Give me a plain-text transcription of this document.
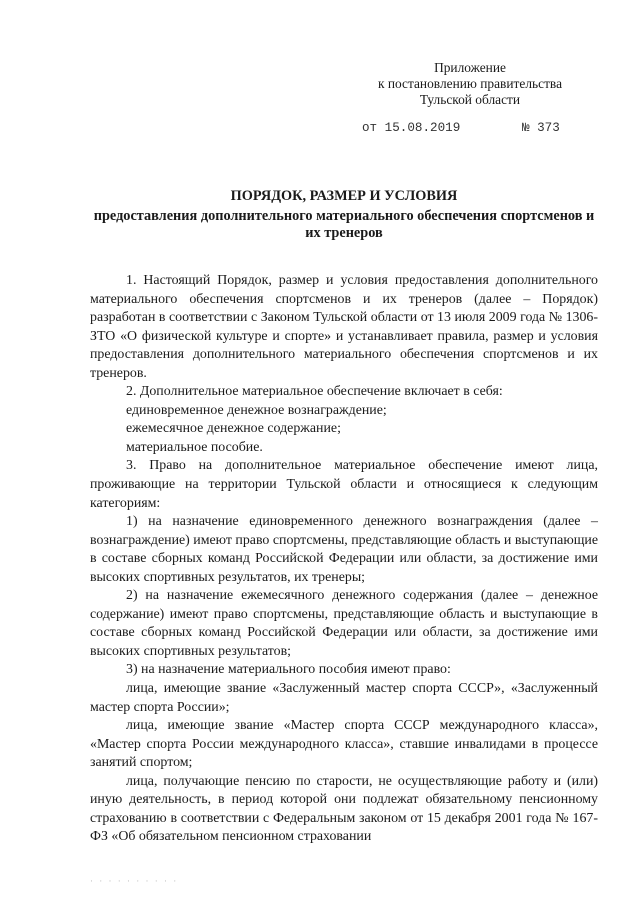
Приложение
к постановлению правительства
Тульской области
от 15.08.2019	№ 373
ПОРЯДОК, РАЗМЕР И УСЛОВИЯ
предоставления дополнительного материального обеспечения спортсменов и их тренеров

1. Настоящий Порядок, размер и условия предоставления дополнительного материального обеспечения спортсменов и их тренеров (далее – Порядок) разработан в соответствии с Законом Тульской области от 13 июля 2009 года № 1306-ЗТО «О физической культуре и спорте» и устанавливает правила, размер и условия предоставления дополнительного материального обеспечения спортсменов и их тренеров.

2. Дополнительное материальное обеспечение включает в себя:

единовременное денежное вознаграждение;

ежемесячное денежное содержание;

материальное пособие.

3. Право на дополнительное материальное обеспечение имеют лица, проживающие на территории Тульской области и относящиеся к следующим категориям:

1) на назначение единовременного денежного вознаграждения (далее – вознаграждение) имеют право спортсмены, представляющие область и выступающие в составе сборных команд Российской Федерации или области, за достижение ими высоких спортивных результатов, их тренеры;

2) на назначение ежемесячного денежного содержания (далее – денежное содержание) имеют право спортсмены, представляющие область и выступающие в составе сборных команд Российской Федерации или области, за достижение ими высоких спортивных результатов;

3) на назначение материального пособия имеют право:

лица, имеющие звание «Заслуженный мастер спорта СССР», «Заслуженный мастер спорта России»;

лица, имеющие звание «Мастер спорта СССР международного класса», «Мастер спорта России международного класса», ставшие инвалидами в процессе занятий спортом;

лица, получающие пенсию по старости, не осуществляющие работу и (или) иную деятельность, в период которой они подлежат обязательному пенсионному страхованию в соответствии с Федеральным законом от 15 декабря 2001 года № 167-ФЗ «Об обязательном пенсионном страховании

· · · · · · · · · ·
